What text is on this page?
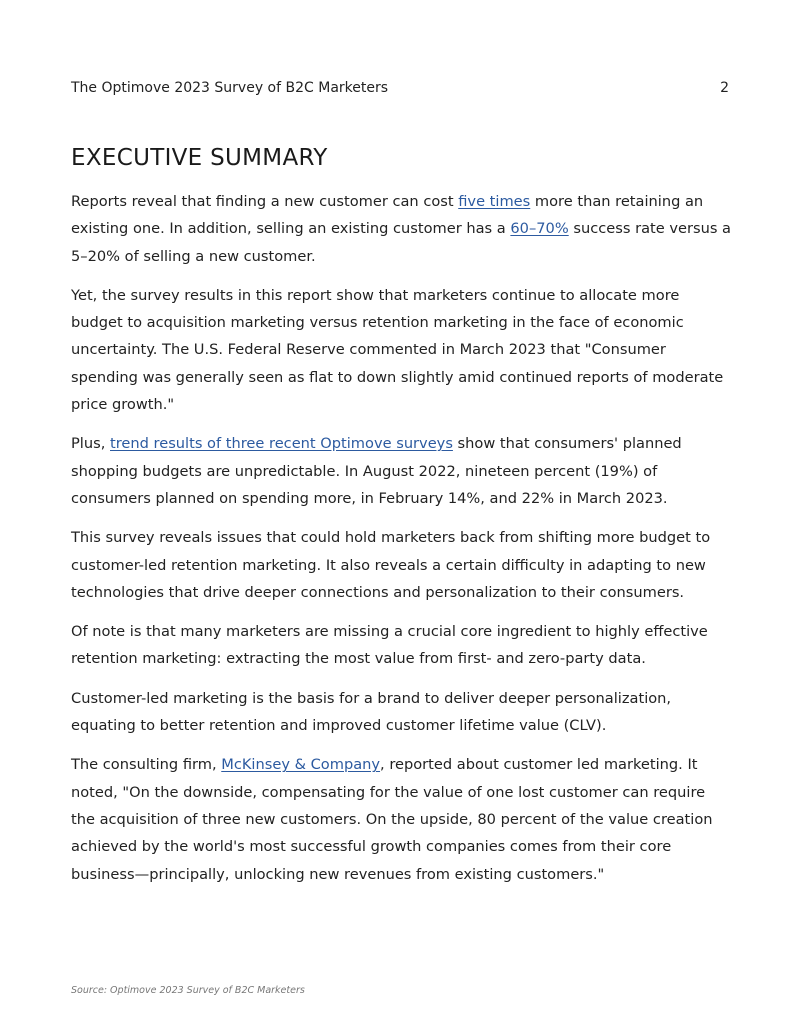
The Optimove 2023 Survey of B2C Marketers	2
EXECUTIVE SUMMARY

Reports reveal that finding a new customer can cost five times more than retaining an existing one. In addition, selling an existing customer has a 60–70% success rate versus a 5–20% of selling a new customer.

Yet, the survey results in this report show that marketers continue to allocate more budget to acquisition marketing versus retention marketing in the face of economic uncertainty. The U.S. Federal Reserve commented in March 2023 that "Consumer spending was generally seen as flat to down slightly amid continued reports of moderate price growth."

Plus, trend results of three recent Optimove surveys show that consumers' planned shopping budgets are unpredictable. In August 2022, nineteen percent (19%) of consumers planned on spending more, in February 14%, and 22% in March 2023.

This survey reveals issues that could hold marketers back from shifting more budget to customer-led retention marketing. It also reveals a certain difficulty in adapting to new technologies that drive deeper connections and personalization to their consumers.

Of note is that many marketers are missing a crucial core ingredient to highly effective retention marketing: extracting the most value from first- and zero-party data.

Customer-led marketing is the basis for a brand to deliver deeper personalization, equating to better retention and improved customer lifetime value (CLV).

The consulting firm, McKinsey & Company, reported about customer led marketing. It noted, "On the downside, compensating for the value of one lost customer can require the acquisition of three new customers. On the upside, 80 percent of the value creation achieved by the world's most successful growth companies comes from their core business—principally, unlocking new revenues from existing customers."

Source: Optimove 2023 Survey of B2C Marketers
